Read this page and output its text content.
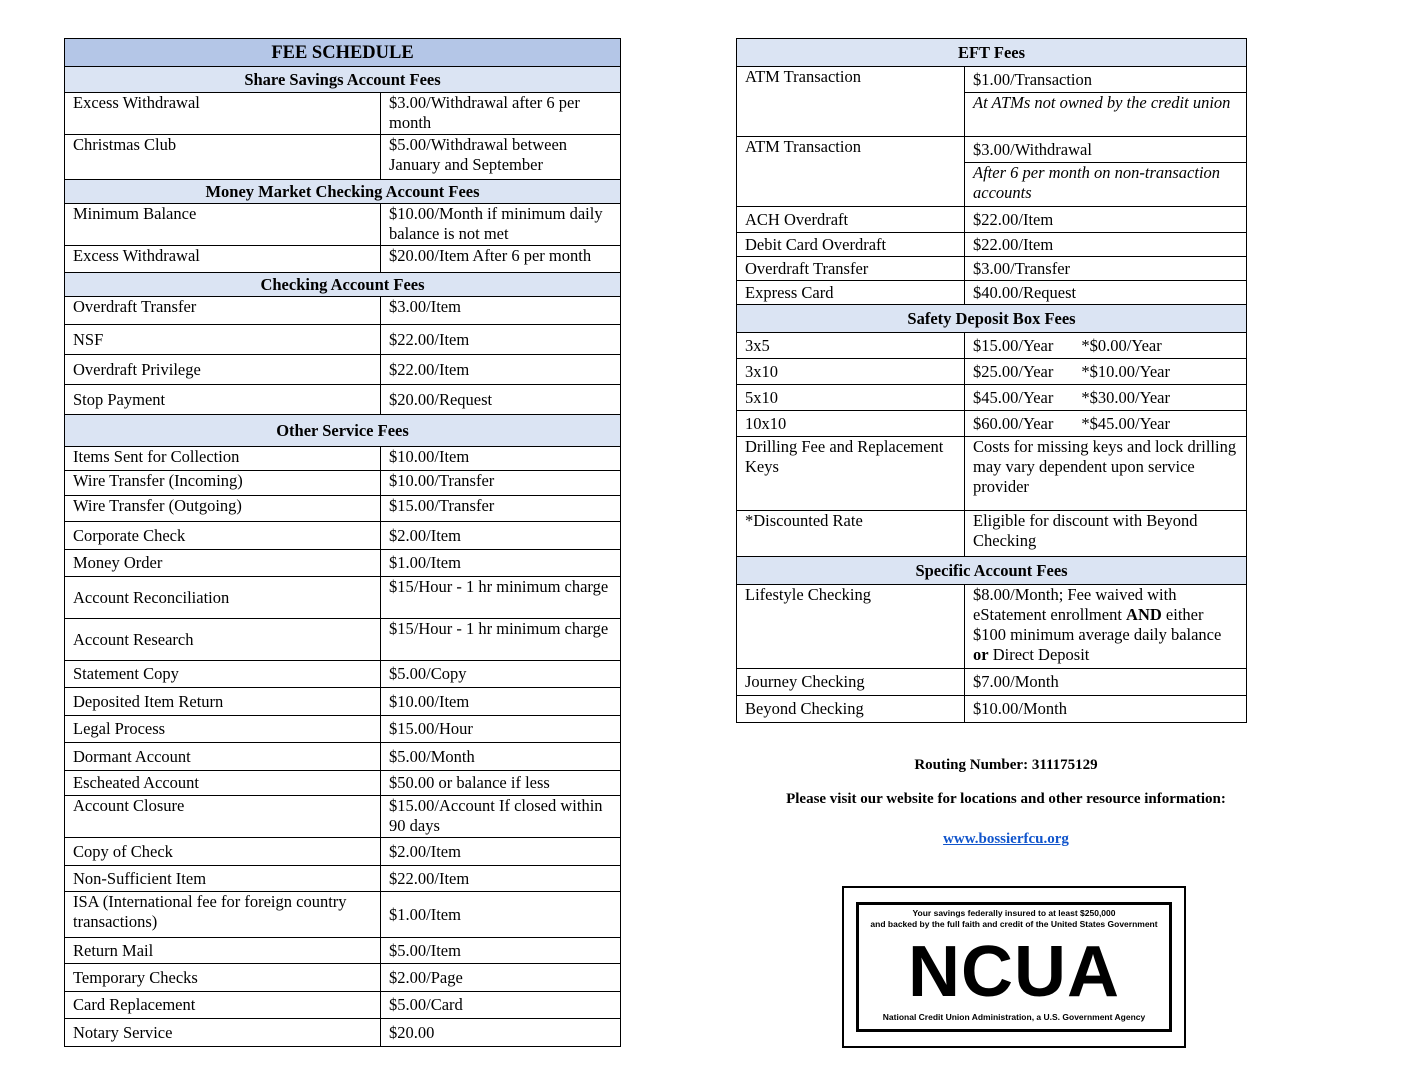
FEE SCHEDULE	
Share Savings Account Fees	
Excess Withdrawal	$3.00/Withdrawal after 6 per month
Christmas Club	$5.00/Withdrawal between January and September
Money Market Checking Account Fees	
Minimum Balance	$10.00/Month if minimum daily balance is not met
Excess Withdrawal	$20.00/Item After 6 per month
Checking Account Fees	
Overdraft Transfer	$3.00/Item
NSF	$22.00/Item
Overdraft Privilege	$22.00/Item
Stop Payment	$20.00/Request
Other Service Fees	
Items Sent for Collection	$10.00/Item
Wire Transfer (Incoming)	$10.00/Transfer
Wire Transfer (Outgoing)	$15.00/Transfer
Corporate Check	$2.00/Item
Money Order	$1.00/Item
Account Reconciliation	$15/Hour - 1 hr minimum charge
Account Research	$15/Hour - 1 hr minimum charge
Statement Copy	$5.00/Copy
Deposited Item Return	$10.00/Item
Legal Process	$15.00/Hour
Dormant Account	$5.00/Month
Escheated Account	$50.00 or balance if less
Account Closure	$15.00/Account If closed within 90 days
Copy of Check	$2.00/Item
Non-Sufficient Item	$22.00/Item
ISA (International fee for foreign country transactions)	$1.00/Item
Return Mail	$5.00/Item
Temporary Checks	$2.00/Page
Card Replacement	$5.00/Card
Notary Service	$20.00
EFT Fees	
ATM Transaction	$1.00/Transaction
	At ATMs not owned by the credit union
ATM Transaction	$3.00/Withdrawal
	After 6 per month on non-transaction accounts
ACH Overdraft	$22.00/Item
Debit Card Overdraft	$22.00/Item
Overdraft Transfer	$3.00/Transfer
Express Card	$40.00/Request
Safety Deposit Box Fees	
3x5	$15.00/Year *$0.00/Year
3x10	$25.00/Year *$10.00/Year
5x10	$45.00/Year *$30.00/Year
10x10	$60.00/Year *$45.00/Year
Drilling Fee and Replacement Keys	Costs for missing keys and lock drilling may vary dependent upon service provider
*Discounted Rate	Eligible for discount with Beyond Checking
Specific Account Fees	
Lifestyle Checking	$8.00/Month; Fee waived with eStatement enrollment AND either $100 minimum average daily balance or Direct Deposit
Journey Checking	$7.00/Month
Beyond Checking	$10.00/Month
Routing Number: 311175129
Please visit our website for locations and other resource information:
www.bossierfcu.org
Your savings federally insured to at least $250,000
and backed by the full faith and credit of the United States Government
NCUA
National Credit Union Administration, a U.S. Government Agency
